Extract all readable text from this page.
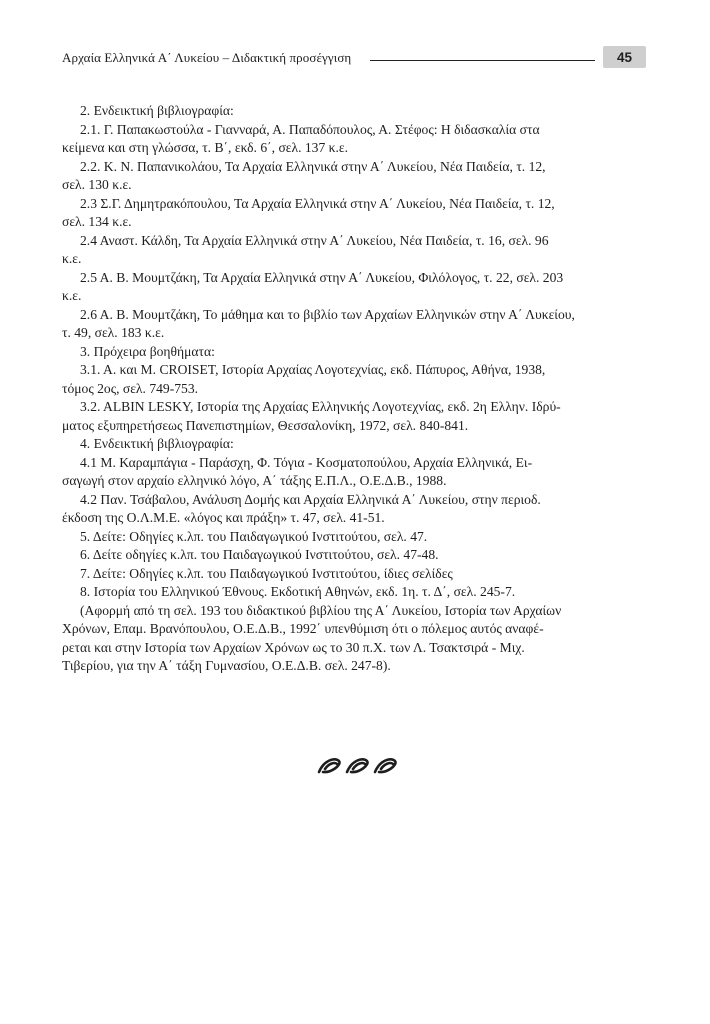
Αρχαία Ελληνικά Α΄ Λυκείου – Διδακτική προσέγγιση	45
2. Ενδεικτική βιβλιογραφία:
2.1. Γ. Παπακωστούλα - Γιανναρά, Α. Παπαδόπουλος, Α. Στέφος: Η διδασκαλία στα
κείμενα και στη γλώσσα, τ. Β΄, εκδ. 6΄, σελ. 137 κ.ε.
2.2. Κ. Ν. Παπανικολάου, Τα Αρχαία Ελληνικά στην Α΄ Λυκείου, Νέα Παιδεία, τ. 12,
σελ. 130 κ.ε.
2.3 Σ.Γ. Δημητρακόπουλου, Τα Αρχαία Ελληνικά στην Α΄ Λυκείου, Νέα Παιδεία, τ. 12,
σελ. 134 κ.ε.
2.4 Αναστ. Κάλδη, Τα Αρχαία Ελληνικά στην Α΄ Λυκείου, Νέα Παιδεία, τ. 16, σελ. 96
κ.ε.
2.5 Α. Β. Μουμτζάκη, Τα Αρχαία Ελληνικά στην Α΄ Λυκείου, Φιλόλογος, τ. 22, σελ. 203
κ.ε.
2.6 Α. Β. Μουμτζάκη, Το μάθημα και το βιβλίο των Αρχαίων Ελληνικών στην Α΄ Λυκείου,
τ. 49, σελ. 183 κ.ε.
3. Πρόχειρα βοηθήματα:
3.1. Α. και Μ. CROISET, Ιστορία Αρχαίας Λογοτεχνίας, εκδ. Πάπυρος, Αθήνα, 1938,
τόμος 2ος, σελ. 749-753.
3.2. ALBIN LESKY, Ιστορία της Αρχαίας Ελληνικής Λογοτεχνίας, εκδ. 2η Ελλην. Ιδρύ-
ματος εξυπηρετήσεως Πανεπιστημίων, Θεσσαλονίκη, 1972, σελ. 840-841.
4. Ενδεικτική βιβλιογραφία:
4.1 Μ. Καραμπάγια - Παράσχη, Φ. Τόγια - Κοσματοπούλου, Αρχαία Ελληνικά, Ει-
σαγωγή στον αρχαίο ελληνικό λόγο, Α΄ τάξης Ε.Π.Λ., Ο.Ε.Δ.Β., 1988.
4.2 Παν. Τσάβαλου, Ανάλυση Δομής και Αρχαία Ελληνικά Α΄ Λυκείου, στην περιοδ.
έκδοση της Ο.Λ.Μ.Ε. «λόγος και πράξη» τ. 47, σελ. 41-51.
5. Δείτε: Οδηγίες κ.λπ. του Παιδαγωγικού Ινστιτούτου, σελ. 47.
6. Δείτε οδηγίες κ.λπ. του Παιδαγωγικού Ινστιτούτου, σελ. 47-48.
7. Δείτε: Οδηγίες κ.λπ. του Παιδαγωγικού Ινστιτούτου, ίδιες σελίδες
8. Ιστορία του Ελληνικού Έθνους. Εκδοτική Αθηνών, εκδ. 1η. τ. Δ΄, σελ. 245-7.
(Αφορμή από τη σελ. 193 του διδακτικού βιβλίου της Α΄ Λυκείου, Ιστορία των Αρχαίων
Χρόνων, Επαμ. Βρανόπουλου, Ο.Ε.Δ.Β., 1992΄ υπενθύμιση ότι ο πόλεμος αυτός αναφέ-
ρεται και στην Ιστορία των Αρχαίων Χρόνων ως το 30 π.Χ. των Λ. Τσακτσιρά - Μιχ.
Τιβερίου, για την Α΄ τάξη Γυμνασίου, Ο.Ε.Δ.Β. σελ. 247-8).
